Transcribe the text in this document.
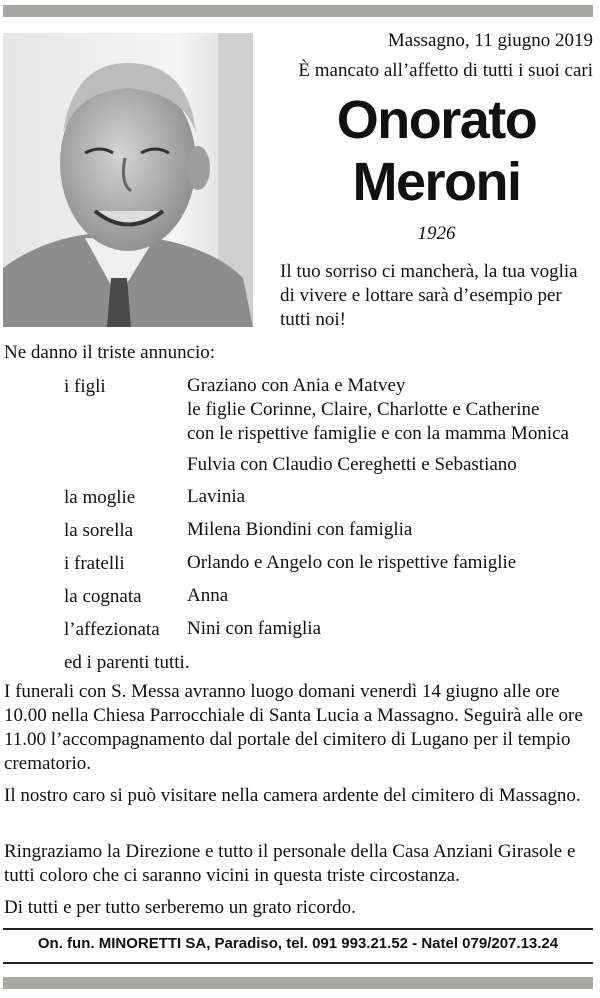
Massagno, 11 giugno 2019
È mancato all’affetto di tutti i suoi cari
Onorato
Meroni
1926
Il tuo sorriso ci mancherà, la tua voglia di vivere e lottare sarà d’esempio per tutti noi!
Ne danno il triste annuncio:
i figli	Graziano con Ania e Matvey
le figlie Corinne, Claire, Charlotte e Catherine
con le rispettive famiglie e con la mamma Monica
Fulvia con Claudio Cereghetti e Sebastiano
la moglie	Lavinia
la sorella	Milena Biondini con famiglia
i fratelli	Orlando e Angelo con le rispettive famiglie
la cognata Anna
l’affezionata Nini con famiglia
ed i parenti tutti.
I funerali con S. Messa avranno luogo domani venerdì 14 giugno alle ore 10.00 nella Chiesa Parrocchiale di Santa Lucia a Massagno. Seguirà alle ore 11.00 l’accompagnamento dal portale del cimitero di Lugano per il tempio crematorio.
Il nostro caro si può visitare nella camera ardente del cimitero di Massagno.
Ringraziamo la Direzione e tutto il personale della Casa Anziani Girasole e tutti coloro che ci saranno vicini in questa triste circostanza.
Di tutti e per tutto serberemo un grato ricordo.
On. fun. MINORETTI SA, Paradiso, tel. 091 993.21.52 - Natel 079/207.13.24
